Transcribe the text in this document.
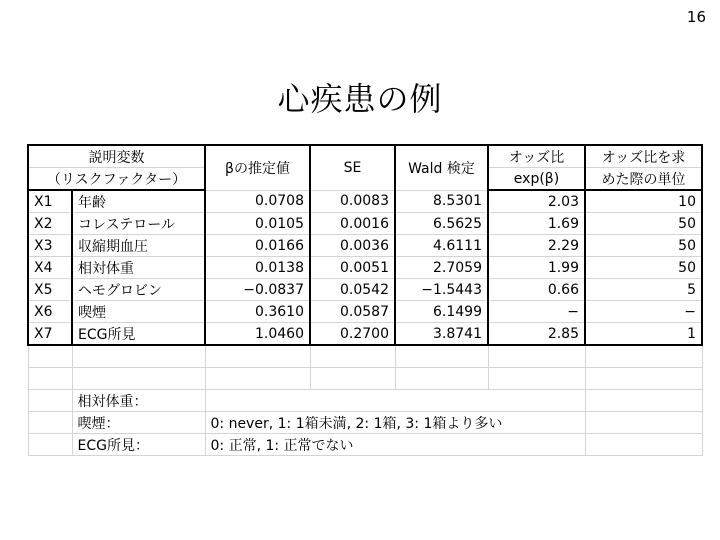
16
心疾患の例
説明変数		βの推定値	SE	Wald 検定	オッズ比	オッズ比を求
（リスクファクター）					exp(β)	めた際の単位
X1	年齢	0.0708	0.0083	8.5301	2.03	10
X2	コレステロール	0.0105	0.0016	6.5625	1.69	50
X3	収縮期血圧	0.0166	0.0036	4.6111	2.29	50
X4	相対体重	0.0138	0.0051	2.7059	1.99	50
X5	ヘモグロビン	−0.0837	0.0542	−1.5443	0.66	5
X6	喫煙	0.3610	0.0587	6.1499	−	−
X7	ECG所見	1.0460	0.2700	3.8741	2.85	1

	相対体重：					
	喫煙：	0: never, 1: 1箱未満, 2: 1箱, 3: 1箱より多い				
	ECG所見：	0: 正常, 1: 正常でない				
